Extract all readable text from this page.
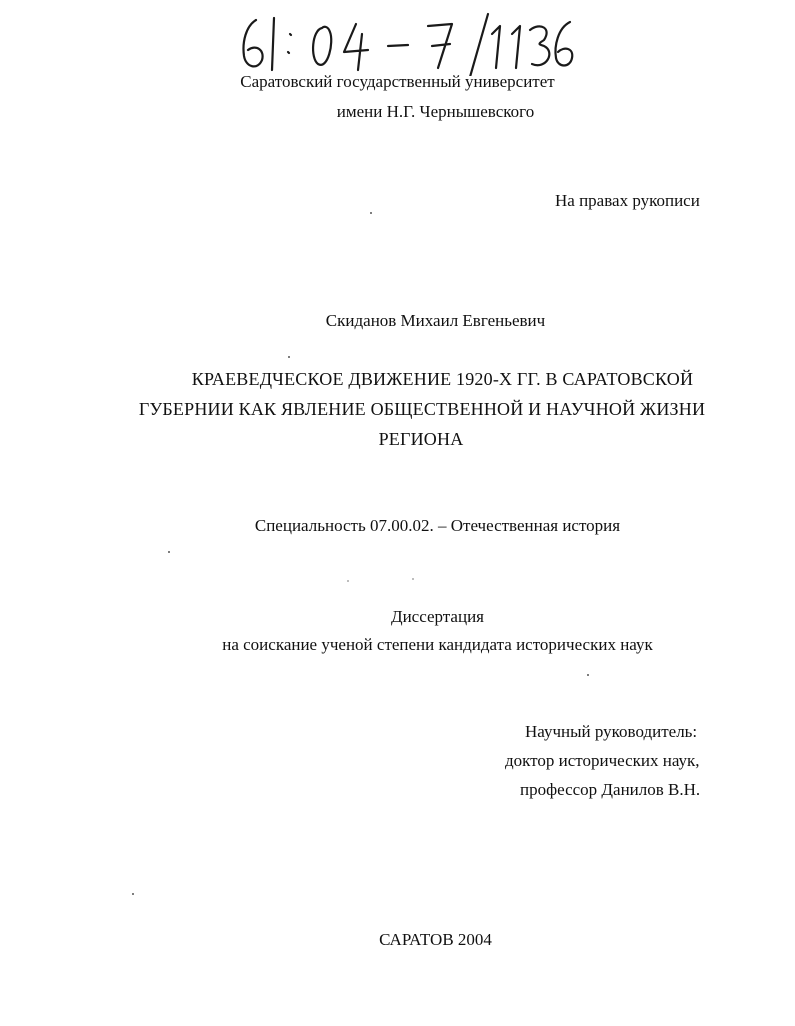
Саратовский государственный университет
имени Н.Г. Чернышевского
На правах рукописи
Скиданов Михаил Евгеньевич
КРАЕВЕДЧЕСКОЕ ДВИЖЕНИЕ 1920-Х ГГ. В САРАТОВСКОЙ
ГУБЕРНИИ КАК ЯВЛЕНИЕ ОБЩЕСТВЕННОЙ И НАУЧНОЙ ЖИЗНИ
РЕГИОНА
Специальность 07.00.02. – Отечественная история
Диссертация
на соискание ученой степени кандидата исторических наук
Научный руководитель:
доктор исторических наук,
профессор Данилов В.Н.
САРАТОВ 2004
